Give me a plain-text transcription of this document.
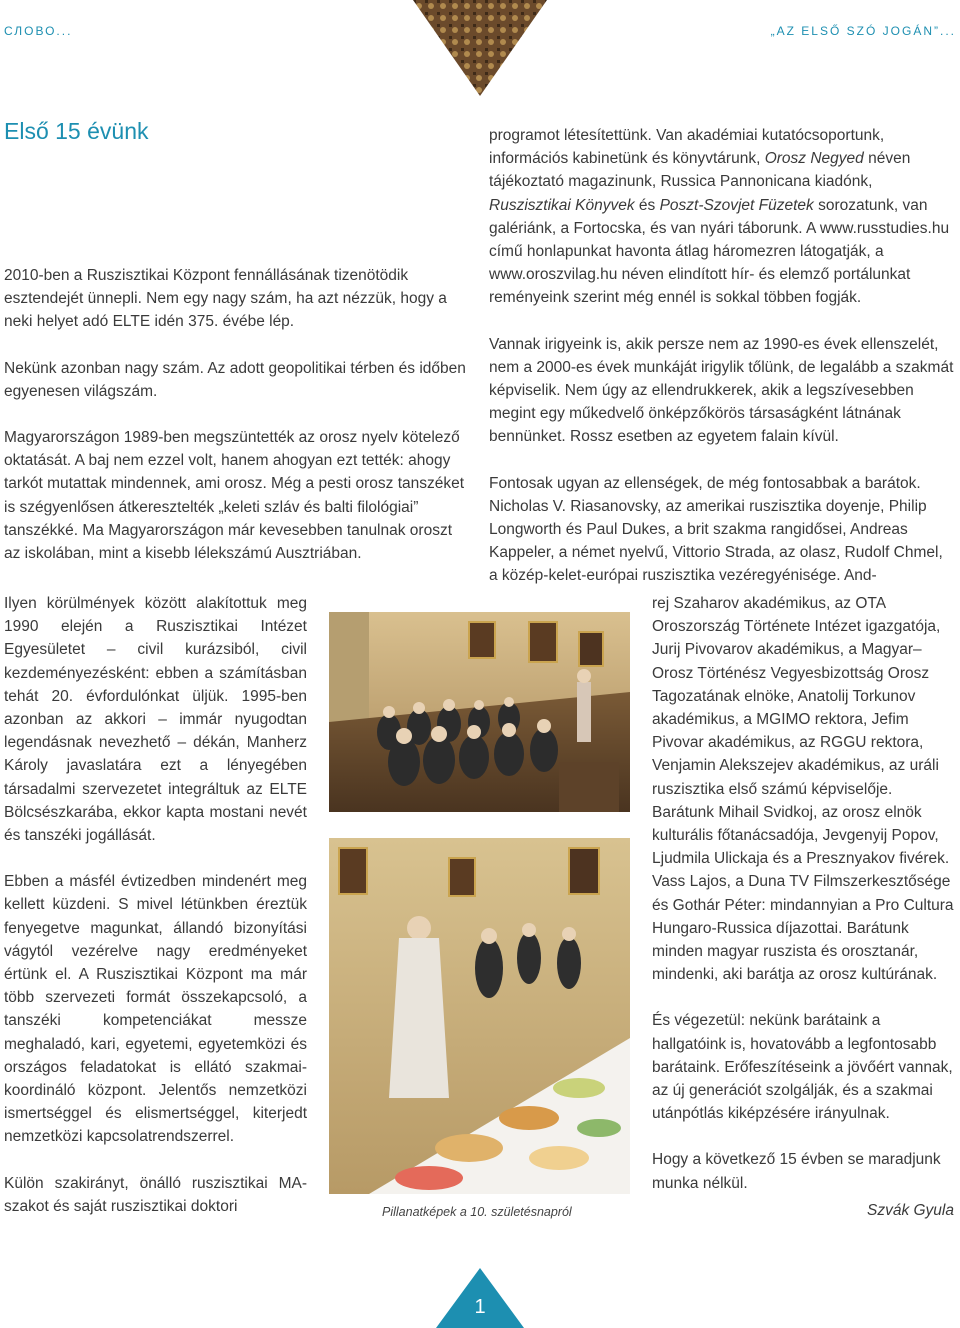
СЛОВО...	„AZ ELSŐ SZÓ JOGÁN”...
Első 15 évünk

2010-ben a Ruszisztikai Központ fennállásának tizenötödik esztendejét ünnepli. Nem egy nagy szám, ha azt nézzük, hogy a neki helyet adó ELTE idén 375. évébe lép.

Nekünk azonban nagy szám. Az adott geopolitikai térben és időben egyenesen világszám.

Magyarországon 1989-ben megszüntették az orosz nyelv kötelező oktatását. A baj nem ezzel volt, hanem ahogyan ezt tették: ahogy tarkót mutattak mindennek, ami orosz. Még a pesti orosz tanszéket is szégyenlősen átkeresztelték „keleti szláv és balti filológiai” tanszékké. Ma Magyarországon már kevesebben tanulnak oroszt az iskolában, mint a kisebb lélekszámú Ausztriában.

Ilyen körülmények között alakítottuk meg 1990 elején a Ruszisztikai Intézet Egyesületet – civil kurázsiból, civil kezdeményezésként: ebben a számításban tehát 20. évfordulónkat üljük. 1995-ben azonban az akkori – immár nyugodtan legendásnak nevezhető – dékán, Manherz Károly javaslatára ezt a lényegében társadalmi szervezetet integráltuk az ELTE Bölcsészkarába, ekkor kapta mostani nevét és tanszéki jogállását.

Ebben a másfél évtizedben mindenért meg kellett küzdeni. S mivel létünkben éreztük fenyegetve magunkat, állandó bizonyítási vágytól vezérelve nagy eredményeket értünk el. A Ruszisztikai Központ ma már több szervezeti formát összekapcsoló, a tanszéki kompetenciákat messze meghaladó, kari, egyetemi, egyetemközi és országos feladatokat is ellátó szakmai-koordináló központ. Jelentős nemzetközi ismertséggel és elismertséggel, kiterjedt nemzetközi kapcsolatrendszerrel.

Külön szakirányt, önálló ruszisztikai MA-szakot és saját ruszisztikai doktori

programot létesítettünk. Van akadémiai kutatócsoportunk, információs kabinetünk és könyvtárunk, Orosz Negyed néven tájékoztató magazinunk, Russica Pannonicana kiadónk, Ruszisztikai Könyvek és Poszt-Szovjet Füzetek sorozatunk, van galériánk, a Fortocska, és van nyári táborunk. A www.russtudies.hu című honlapunkat havonta átlag háromezren látogatják, a www.oroszvilag.hu néven elindított hír- és elemző portálunkat reményeink szerint még ennél is sokkal többen fogják.

Vannak irigyeink is, akik persze nem az 1990-es évek ellenszelét, nem a 2000-es évek munkáját irigylik tőlünk, de legalább a szakmát képviselik. Nem úgy az ellendrukkerek, akik a legszívesebben megint egy műkedvelő önképzőkörös társaságként látnának bennünket. Rossz esetben az egyetem falain kívül.

Fontosak ugyan az ellenségek, de még fontosabbak a barátok. Nicholas V. Riasanovsky, az amerikai ruszisztika doyenje, Philip Longworth és Paul Dukes, a brit szakma rangidősei, Andreas Kappeler, a német nyelvű, Vittorio Strada, az olasz, Rudolf Chmel, a közép-kelet-európai ruszisztika vezéregyénisége. And-

rej Szaharov akadémikus, az OTA Oroszország Története Intézet igazgatója, Jurij Pivovarov akadémikus, a Magyar–Orosz Történész Vegyesbizottság Orosz Tagozatának elnöke, Anatolij Torkunov akadémikus, a MGIMO rektora, Jefim Pivovar akadémikus, az RGGU rektora, Venjamin Alekszejev akadémikus, az uráli ruszisztika első számú képviselője. Barátunk Mihail Svidkoj, az orosz elnök kulturális főtanácsadója, Jevgenyij Popov, Ljudmila Ulickaja és a Presznyakov fivérek. Vass Lajos, a Duna TV Filmszerkesztősége és Gothár Péter: mindannyian a Pro Cultura Hungaro-Russica díjazottai. Barátunk minden magyar ruszista és orosztanár, mindenki, aki barátja az orosz kultúrának.

És végezetül: nekünk barátaink a hallgatóink is, hovatovább a legfontosabb barátaink. Erőfeszítéseink a jövőért vannak, az új generációt szolgálják, és a szakmai utánpótlás kiképzésére irányulnak.

Hogy a következő 15 évben se maradjunk munka nélkül.

Pillanatképek a 10. születésnapról	Szvák Gyula
1
